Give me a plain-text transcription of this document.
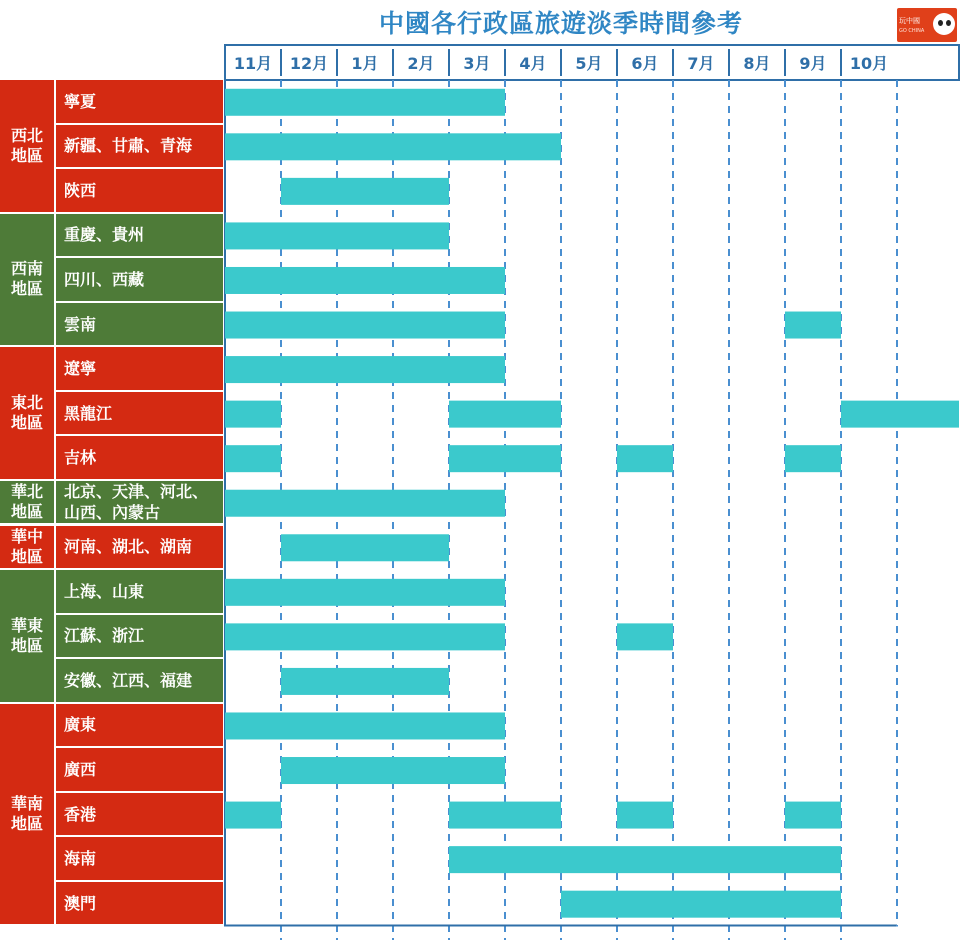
中國各行政區旅遊淡季時間參考	玩中國
GO CHINA
西北地區
寧夏
新疆、甘肅、青海
陝西
西南地區
重慶、貴州
四川、西藏
雲南
東北地區
遼寧
黑龍江
吉林
華北地區
北京、天津、河北、山西、內蒙古
華中地區	河南、湖北、湖南
華東地區
上海、山東
江蘇、浙江
安徽、江西、福建
華南地區
廣東
廣西
香港
海南
澳門
11月 12月 1月 2月 3月 4月 5月 6月 7月 8月 9月 10月
